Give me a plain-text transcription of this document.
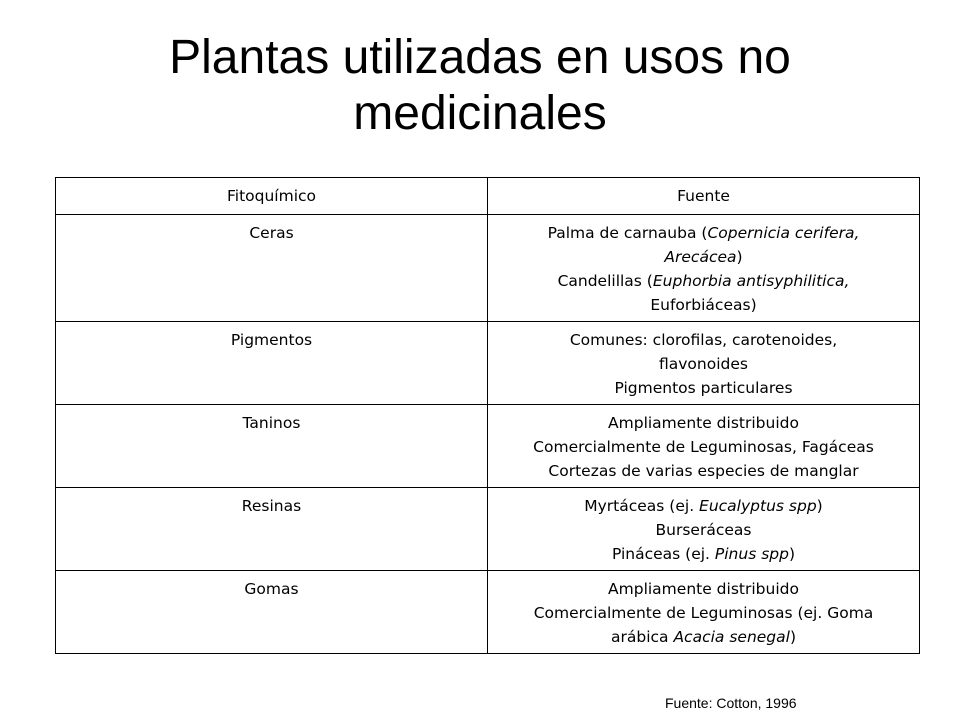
Plantas utilizadas en usos no
medicinales
Fitoquímico	Fuente
Ceras	Palma de carnauba (Copernicia cerifera,
Arecácea)
Candelillas (Euphorbia antisyphilitica,
Euforbiáceas)

Pigmentos	Comunes: clorofilas, carotenoides,
flavonoides
Pigmentos particulares

Taninos	Ampliamente distribuido
Comercialmente de Leguminosas, Fagáceas
Cortezas de varias especies de manglar

Resinas	Myrtáceas (ej. Eucalyptus spp)
Burseráceas
Pináceas (ej. Pinus spp)

Gomas	Ampliamente distribuido
Comercialmente de Leguminosas (ej. Goma
arábica Acacia senegal)
Fuente: Cotton, 1996
